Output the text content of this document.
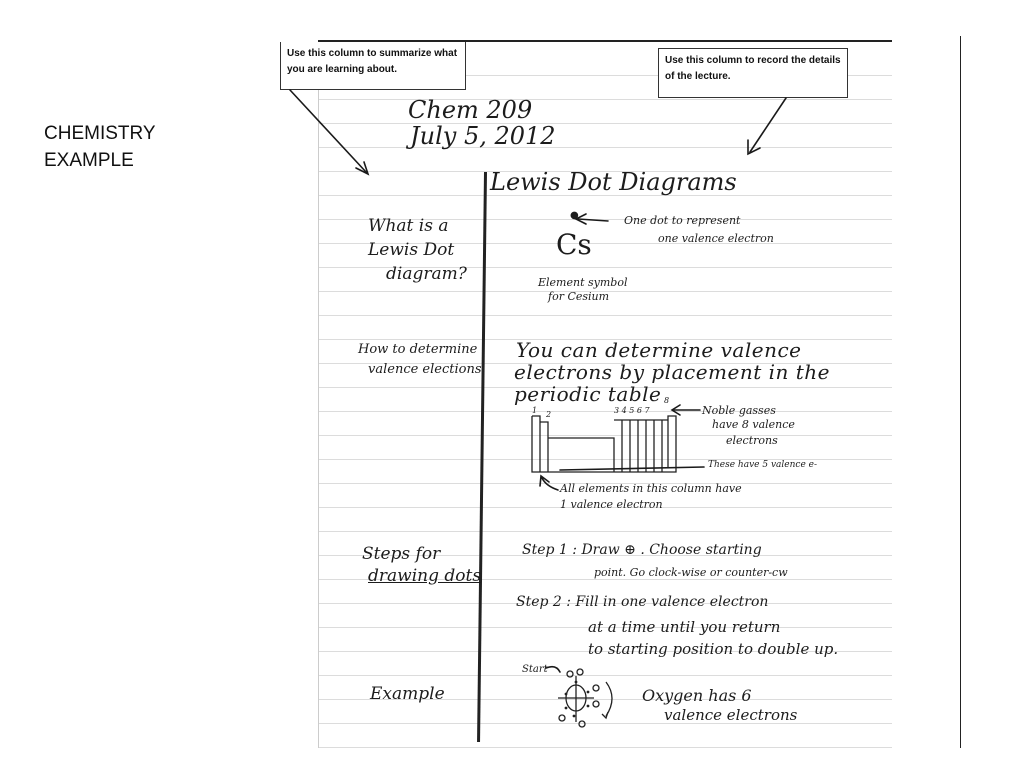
CHEMISTRY
EXAMPLE
Use this column to summarize what you are learning about.
Use this column to record the details of the lecture.
Chem 209
July 5, 2012
Lewis Dot Diagrams
What is a
Lewis Dot
diagram?
How to determine
valence elections
Steps for
drawing dots
Example
●
Cs
One dot to represent
one valence electron
Element symbol
for Cesium
You can determine valence
electrons by placement in the
periodic table
1 2	3 4 5 6 7
8
Noble gasses
have 8 valence
electrons
These have 5 valence e-
All elements in this column have
1 valence electron
Step 1 : Draw ⊕ . Choose starting
point. Go clock-wise or counter-cw
Step 2 : Fill in one valence electron
at a time until you return
to starting position to double up.
Start
Oxygen has 6
valence electrons
